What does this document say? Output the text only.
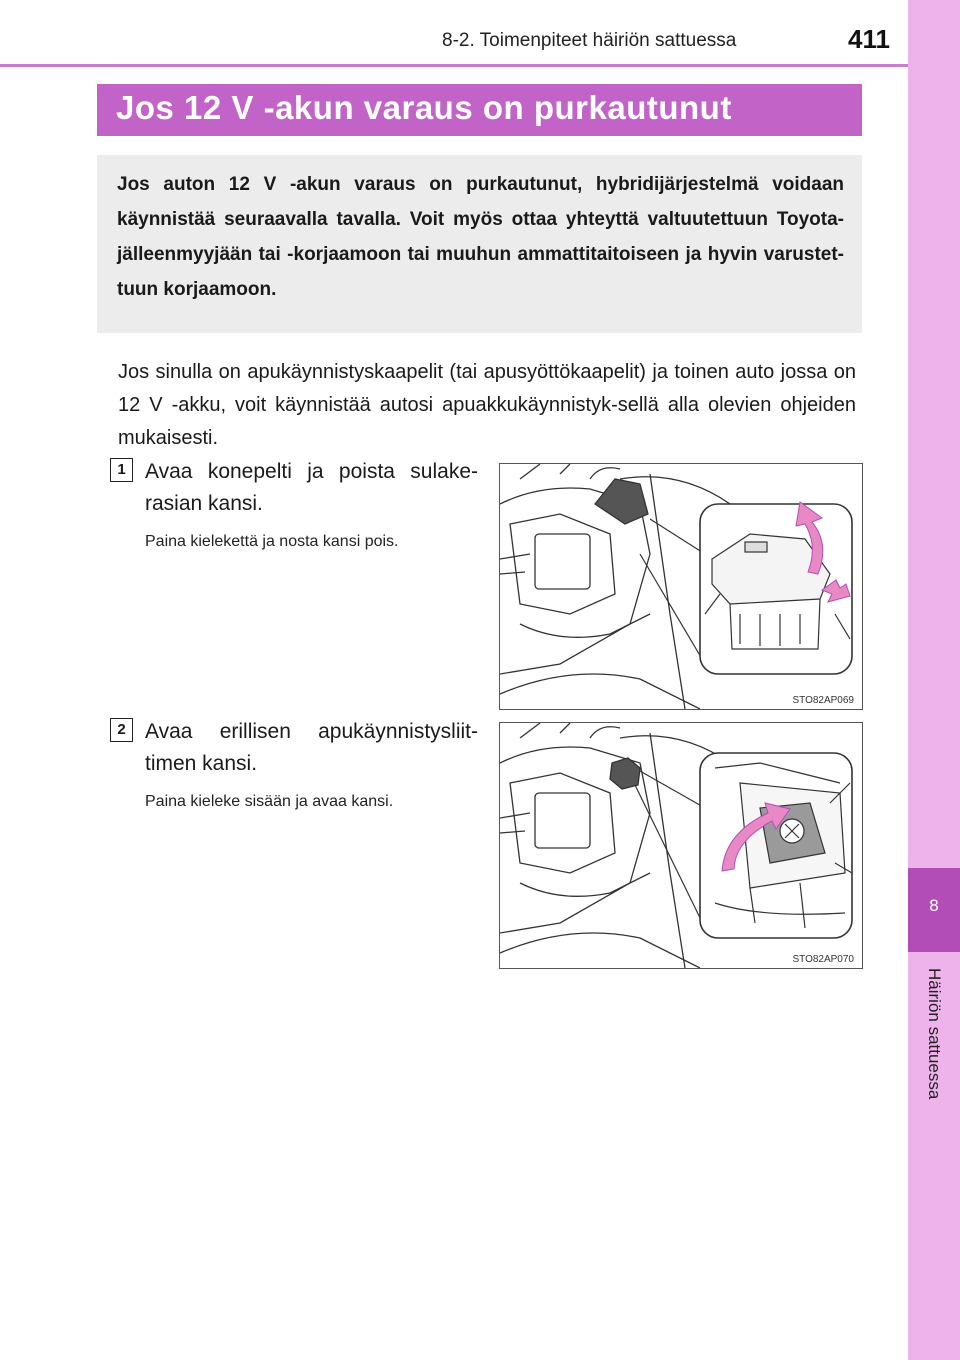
8-2. Toimenpiteet häiriön sattuessa	411
8
Häiriön sattuessa
Jos 12 V -akun varaus on purkautunut
Jos auton 12 V -akun varaus on purkautunut, hybridijärjestelmä voidaan käynnistää seuraavalla tavalla. Voit myös ottaa yhteyttä valtuutettuun Toyota-jälleenmyyjään tai -korjaamoon tai muuhun ammattitaitoiseen ja hyvin varustet-tuun korjaamoon.
Jos sinulla on apukäynnistyskaapelit (tai apusyöttökaapelit) ja toinen auto jossa on 12 V -akku, voit käynnistää autosi apuakkukäynnistyk-sellä alla olevien ohjeiden mukaisesti.
1 Avaa konepelti ja poista sulake-rasian kansi.
Paina kielekettä ja nosta kansi pois.
STO82AP069
2 Avaa erillisen apukäynnistysliit-timen kansi.
Paina kieleke sisään ja avaa kansi.
STO82AP070
